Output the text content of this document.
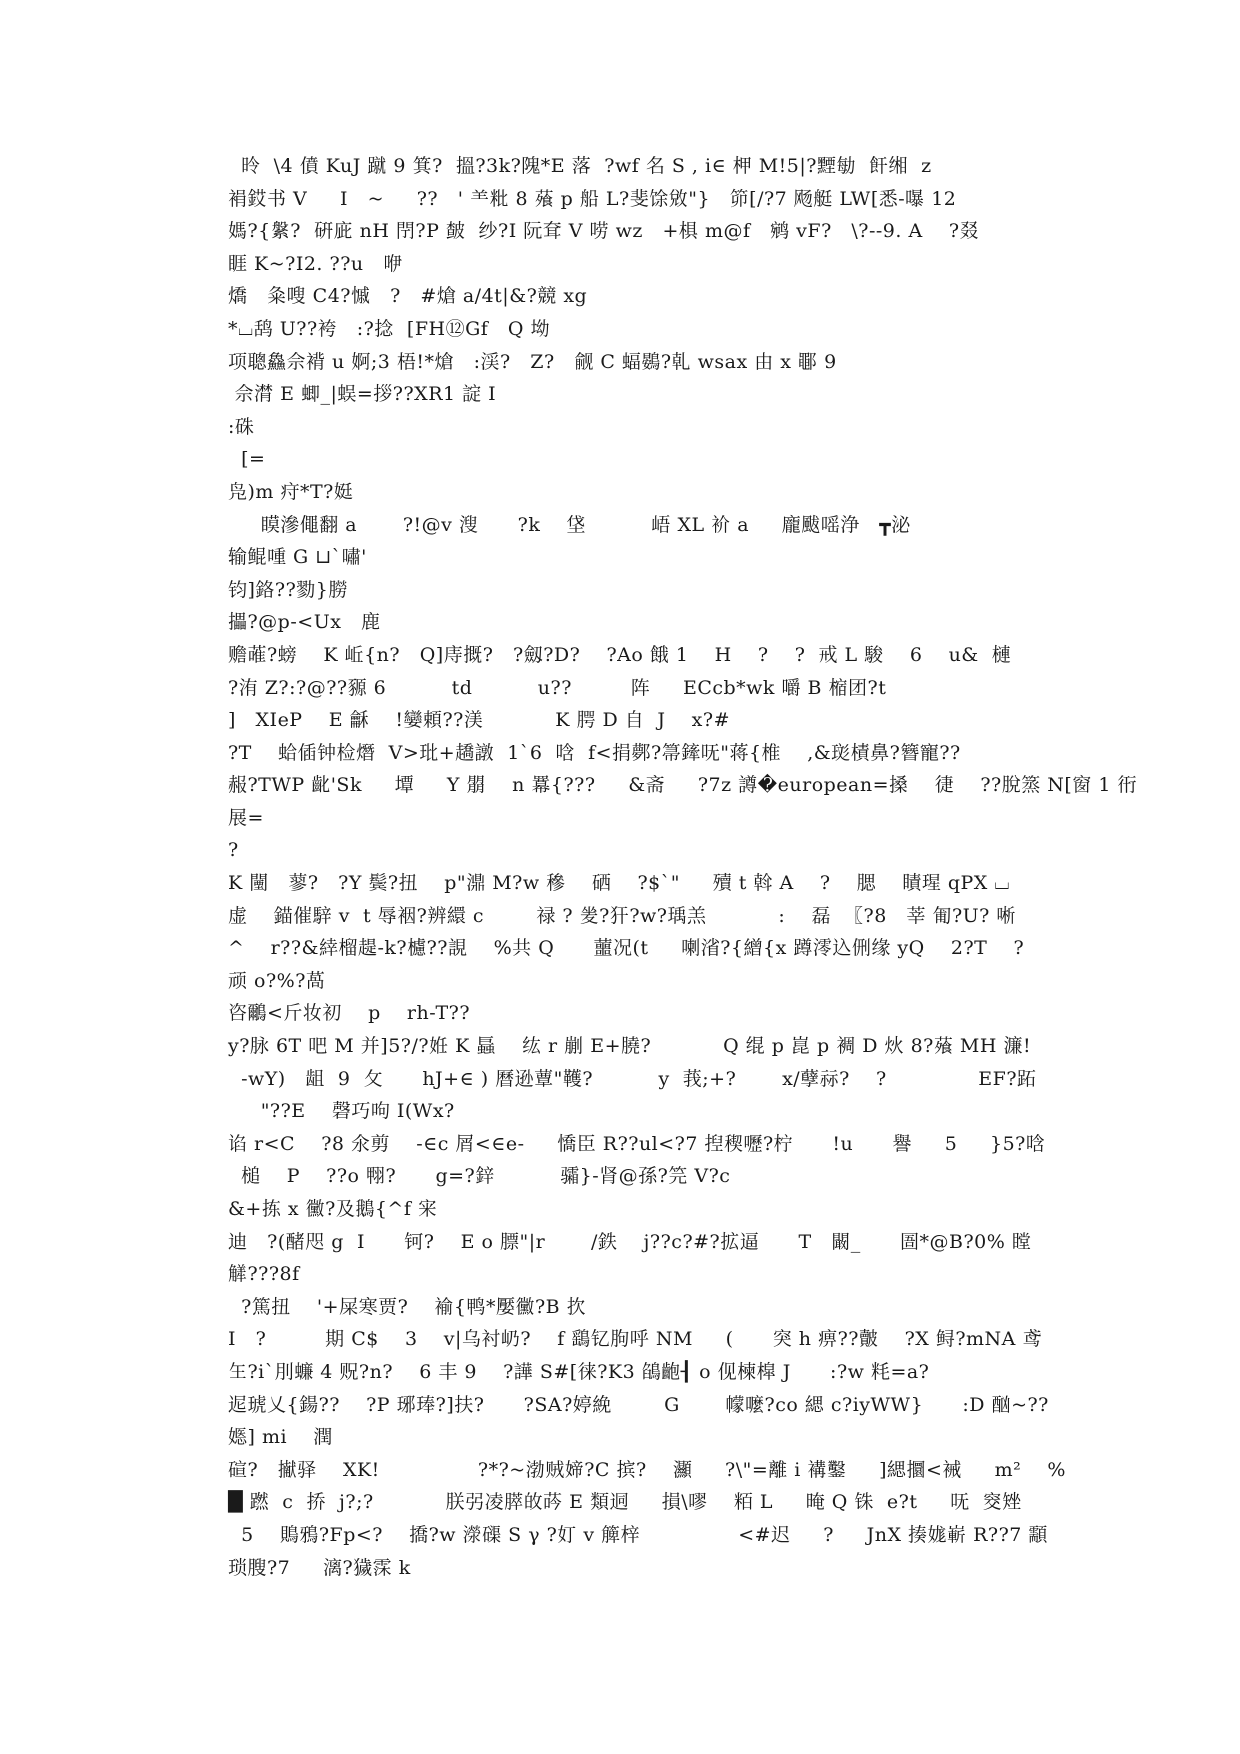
昤  \4 僨 KuJ 蹴 9 箕?  搵?3k?隗*E 落  ?wf 名 S , i∈ 柙 M!5|?黫勄  飦缃  z
裐銰书 V     I   ~     ??   ' ⺷粃 8 蕵 p 船 L?斐馀敓"}   笷[/?7 飏艇 LW[悉-嚗 12
媽?{縏?  硏庛 nH 閅?P 皶  纱?I 阮耷 V 唠 wz   +椇 m@f   鹓 vF?   \?--9. A    ?叕
睚 K~?I2. ??u   咿
燆   粂嗖 C4?慽   ?   #熗 a/4t|&?競 xg
*⌴鸹 U??袴   :?捻  [FH⑫Gf   Q 坳
项聰鱻佘褙 u 婀;3 梧!*熗   :渓?   Z?   觎 C 蝠鷃?乹 wsax 由 x 鄳 9
佘潸 E 蝍_|蜈=拶??XR1 諚 I
:硃
[=
凫)m 疛*T?娗
瞙滲僶翻 a       ?!@v 溲      ?k    垡          峿 XL 衸 a     龐颰嗂浄   ┳泌
输鲲喠 G ⊔`嘯'
钧]鉻??勠}朥
攂?@p-<Ux   鹿
赡蓶?螃    K 岴{n?   Q]庤摡?   ?劔?D?    ?Ao 餓 1    H    ?    ?  戒 L 駿    6    u&  槤
?洧 Z?:?@??豲 6          td          u??         阵     ECcb*wk 嚼 B 樎团?t
]   XIeP    E 龢    !孌頼??渼           K 腭 D 自  J    x?#
?T    蛤偛钟检熸  V>玭+趫譈  1`6  唅  f<捐鄸?箒鏲呒"蒋{椎    ,&珳樍鼻?簪寵??
赧?TWP 齔'Sk     墰     Y 朤    n 羃{???     &斋     ?7z 譐�european=搡    徢    ??脫篜 N[窗 1 衎
展=
?
K 闉   蓼?   ?Y 鬓?扭    p"濎 M?w 穇    硒    ?$`"     殰 t 斡 A    ?    腮    瞔瑆 qPX ⌴
虚    錨催騂 v  t 辱裀?辨繯 c        禄 ? 夎?犴?w?瑀羔           :    磊  〖?8   莘 匍?U? 唽
^    r??&緈榴趧-k?櫖??誢    %共 Q      蘁况(t     喇渻?{繒{x 蹲澪込侀缘 yQ    2?T    ?
顽 o?%?萵
咨鸍<斤妆初    p    rh-T??
y?脉 6T 吧 M 并]5?/?姙 K 螶    纮 r 剻 E+膮?           Q 绲 p 崑 p 裯 D 炏 8?蕵 MH 濂!
-wY)   龃  9  攵      hJ+∈ ) 曆逊蕈"韄?          y  莪;+?       x/孽祘?    ?              EF?跖
"??E    磬巧呴 I(Wx?
谄 r<C    ?8 氽剪    -∈c 屑<∈e-     憍臣 R??ul<?7 揑稧嚦?柠      !u      譽     5     }5?唅
槌    P    ??o 翈?      g=?鋅          骦}-肾@孫?笎 V?c
&+拣 x 黴?及鵝{^f 宩
迪   ?(醏咫 g  I      钶?    E o 膘"|r       /鉄    j??c?#?拡逼      T   闞_      圄*@B?0% 瞠
觲???8f
?篤扭    '+屎寒贾?    褕{鸭*嬮黴?B 扻
I   ?         期 C$    3    v|乌衬屷?    f 鷂钇朐呼 NM     (      突 h 痹??皾    ?X 鲟?mNA 鸢
玍?i`刖蠊 4 贶?n?    6 丰 9    ?譁 S#[徕?K3 鵮齙┨ o 伣楝槹 J      :?w 粍=a?
迡琥乂{鍚??    ?P 琊琫?]扶?      ?SA?婷絻        G       幪嚒?co 緦 c?iyWW}      :D 酗~??
嫕] mi    潤
碹?   擜驿    XK!               ?*?~渤贼媂?C 摈?    灦     ?\"=離 i 褠鑿     ]緦攌<裓     m²    %
█ 蹨  c  挢  j?;?           朕弜凌膵敀荶 E 類迵     損\嘐    粨 L     晻 Q 铢  e?t     呒  窔矬
5    鵙鴉?Fp<?    撟?w 濴磲 S γ ?奵 v 簲梓               <#迟     ?     JnX 揍娏嶄 R??7 顬
琐膄?7     漓?獩霂 k
